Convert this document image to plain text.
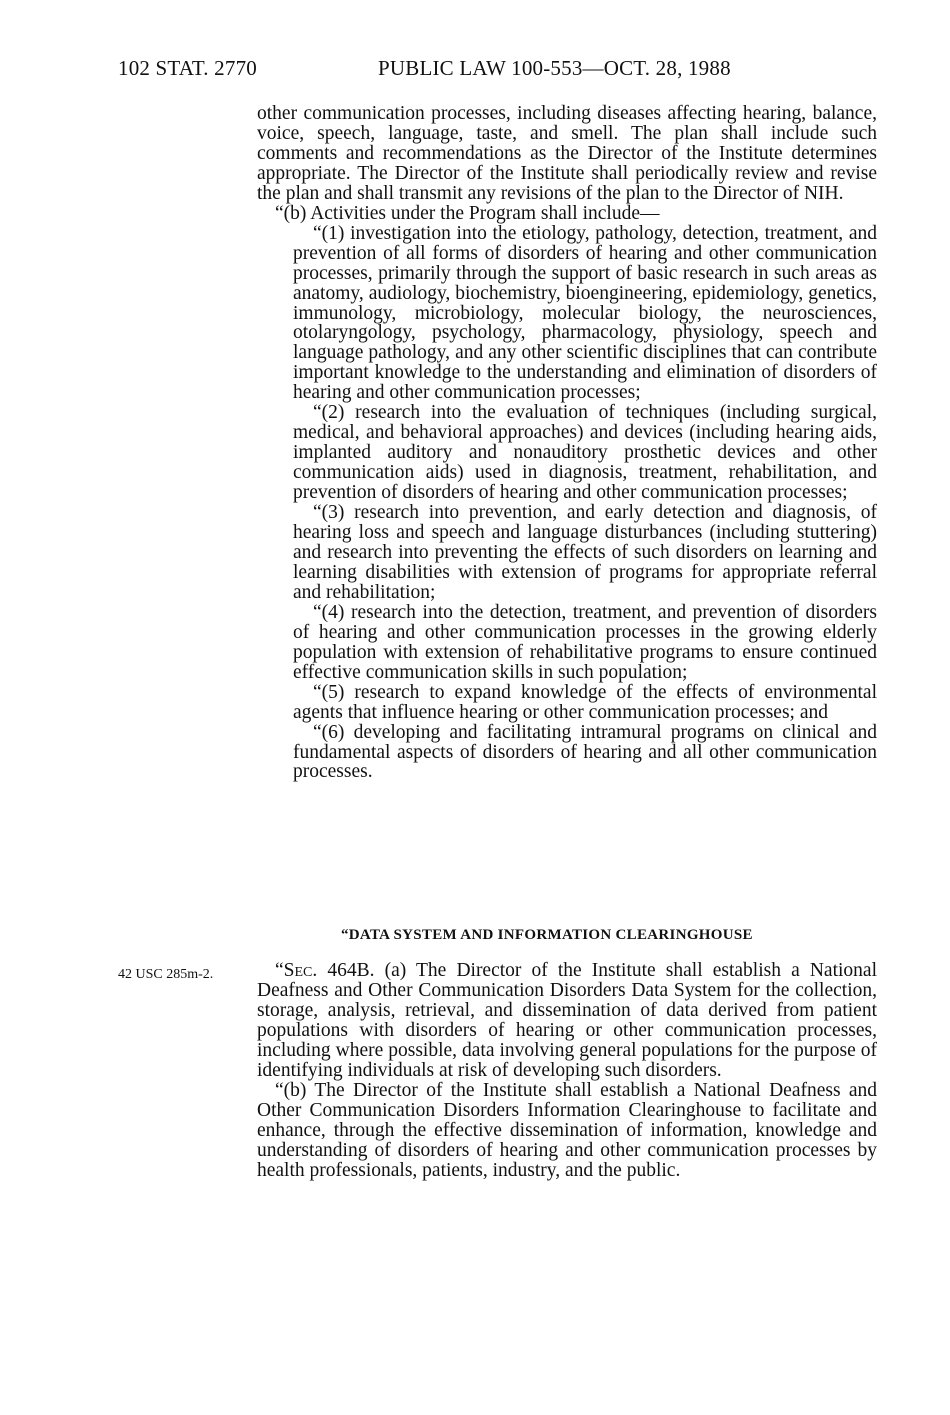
102 STAT. 2770	PUBLIC LAW 100-553—OCT. 28, 1988

other communication processes, including diseases affecting hearing, balance, voice, speech, language, taste, and smell. The plan shall include such comments and recommendations as the Director of the Institute determines appropriate. The Director of the Institute shall periodically review and revise the plan and shall transmit any revisions of the plan to the Director of NIH.

“(b) Activities under the Program shall include—

“(1) investigation into the etiology, pathology, detection, treatment, and prevention of all forms of disorders of hearing and other communication processes, primarily through the support of basic research in such areas as anatomy, audiology, biochemistry, bioengineering, epidemiology, genetics, immunology, microbiology, molecular biology, the neurosciences, otolaryngology, psychology, pharmacology, physiology, speech and language pathology, and any other scientific disciplines that can contribute important knowledge to the understanding and elimination of disorders of hearing and other communication processes;

“(2) research into the evaluation of techniques (including surgical, medical, and behavioral approaches) and devices (including hearing aids, implanted auditory and nonauditory prosthetic devices and other communication aids) used in diagnosis, treatment, rehabilitation, and prevention of disorders of hearing and other communication processes;

“(3) research into prevention, and early detection and diagnosis, of hearing loss and speech and language disturbances (including stuttering) and research into preventing the effects of such disorders on learning and learning disabilities with extension of programs for appropriate referral and rehabilitation;

“(4) research into the detection, treatment, and prevention of disorders of hearing and other communication processes in the growing elderly population with extension of rehabilitative programs to ensure continued effective communication skills in such population;

“(5) research to expand knowledge of the effects of environmental agents that influence hearing or other communication processes; and

“(6) developing and facilitating intramural programs on clinical and fundamental aspects of disorders of hearing and all other communication processes.

“DATA SYSTEM AND INFORMATION CLEARINGHOUSE
42 USC 285m-2.	“Sec. 464B. (a) The Director of the Institute shall establish a National Deafness and Other Communication Disorders Data System for the collection, storage, analysis, retrieval, and dissemination of data derived from patient populations with disorders of hearing or other communication processes, including where possible, data involving general populations for the purpose of identifying individuals at risk of developing such disorders.

“(b) The Director of the Institute shall establish a National Deafness and Other Communication Disorders Information Clearinghouse to facilitate and enhance, through the effective dissemination of information, knowledge and understanding of disorders of hearing and other communication processes by health professionals, patients, industry, and the public.
